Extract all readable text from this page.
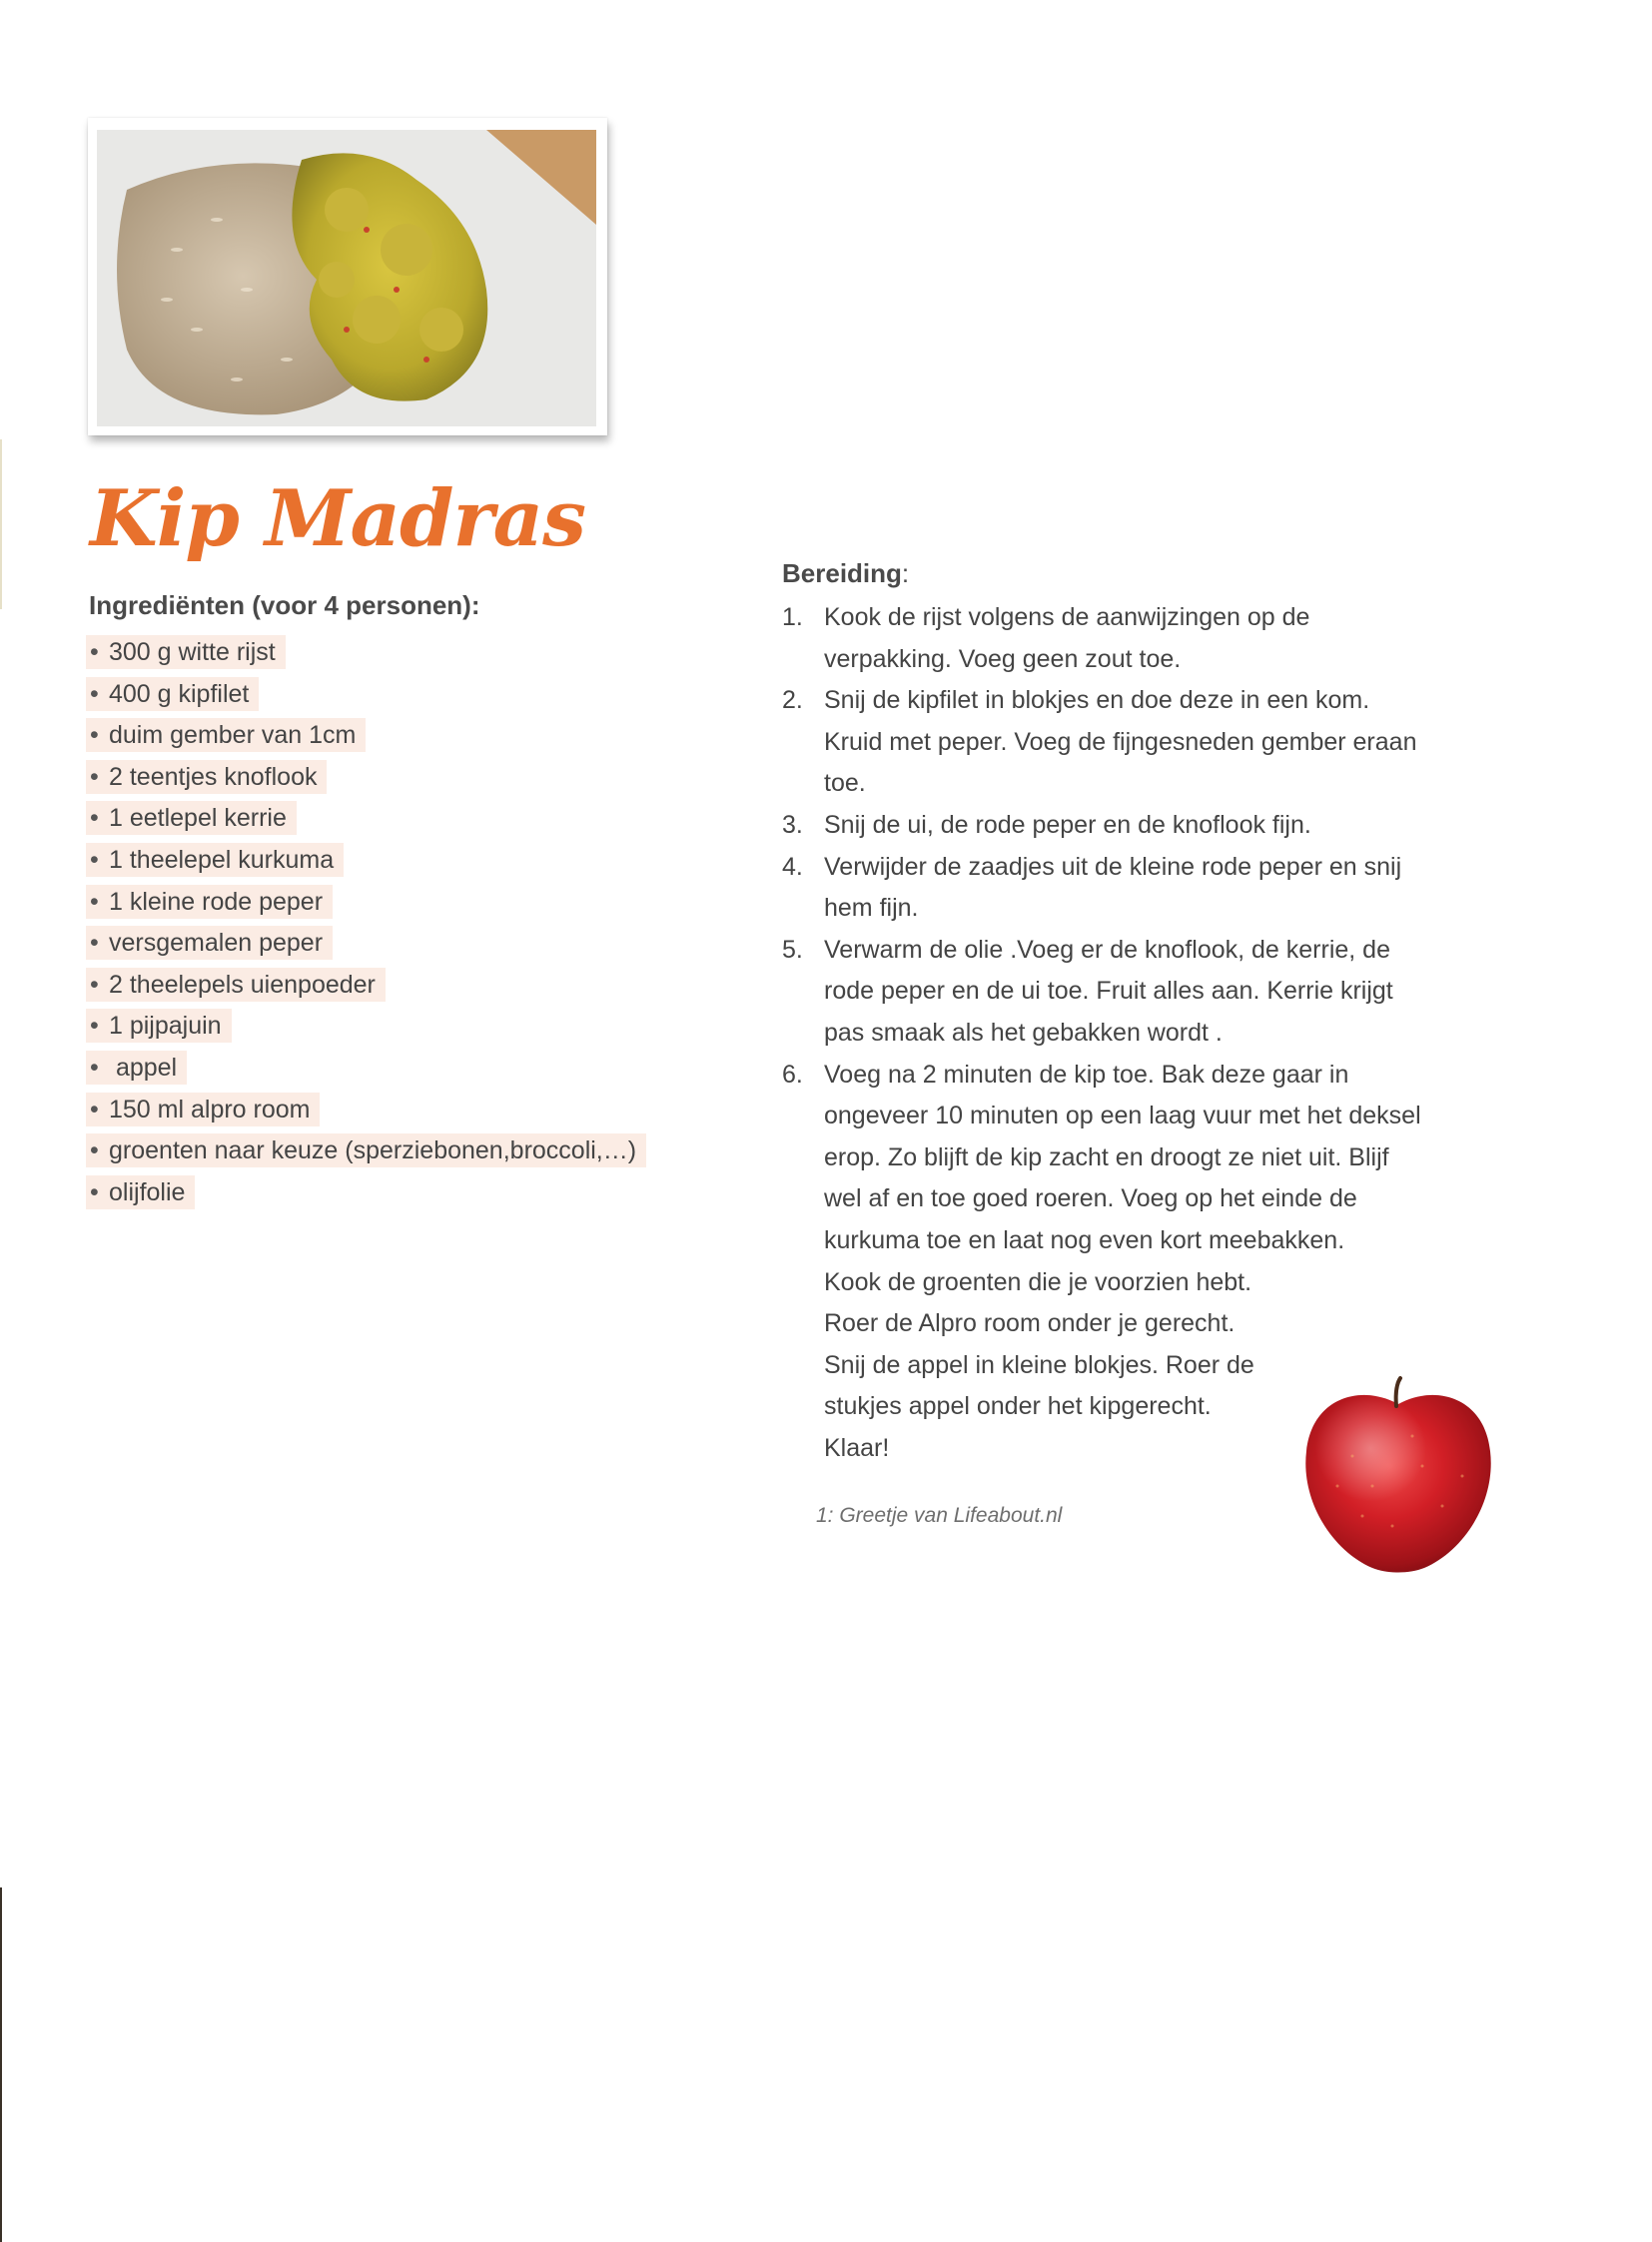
Kip Madras
Ingrediënten (voor 4 personen):
• 300 g witte rijst
• 400 g kipfilet
• duim gember van 1cm
• 2 teentjes knoflook
• 1 eetlepel kerrie
• 1 theelepel kurkuma
• 1 kleine rode peper
• versgemalen peper
• 2 theelepels uienpoeder
• 1 pijpajuin
• appel
• 150 ml alpro room
• groenten naar keuze (sperziebonen,broccoli,…)
• olijfolie
Bereiding:
1. Kook de rijst volgens de aanwijzingen op de
verpakking. Voeg geen zout toe.
2. Snij de kipfilet in blokjes en doe deze in een kom.
Kruid met peper. Voeg de fijngesneden gember eraan
toe.
3. Snij de ui, de rode peper en de knoflook fijn.
4. Verwijder de zaadjes uit de kleine rode peper en snij
hem fijn.
5. Verwarm de olie .Voeg er de knoflook, de kerrie, de
rode peper en de ui toe. Fruit alles aan. Kerrie krijgt
pas smaak als het gebakken wordt .
6. Voeg na 2 minuten de kip toe. Bak deze gaar in
ongeveer 10 minuten op een laag vuur met het deksel
erop. Zo blijft de kip zacht en droogt ze niet uit. Blijf
wel af en toe goed roeren. Voeg op het einde de
kurkuma toe en laat nog even kort meebakken.
Kook de groenten die je voorzien hebt.
Roer de Alpro room onder je gerecht.
Snij de appel in kleine blokjes. Roer de
stukjes appel onder het kipgerecht.
Klaar!
1: Greetje van Lifeabout.nl
